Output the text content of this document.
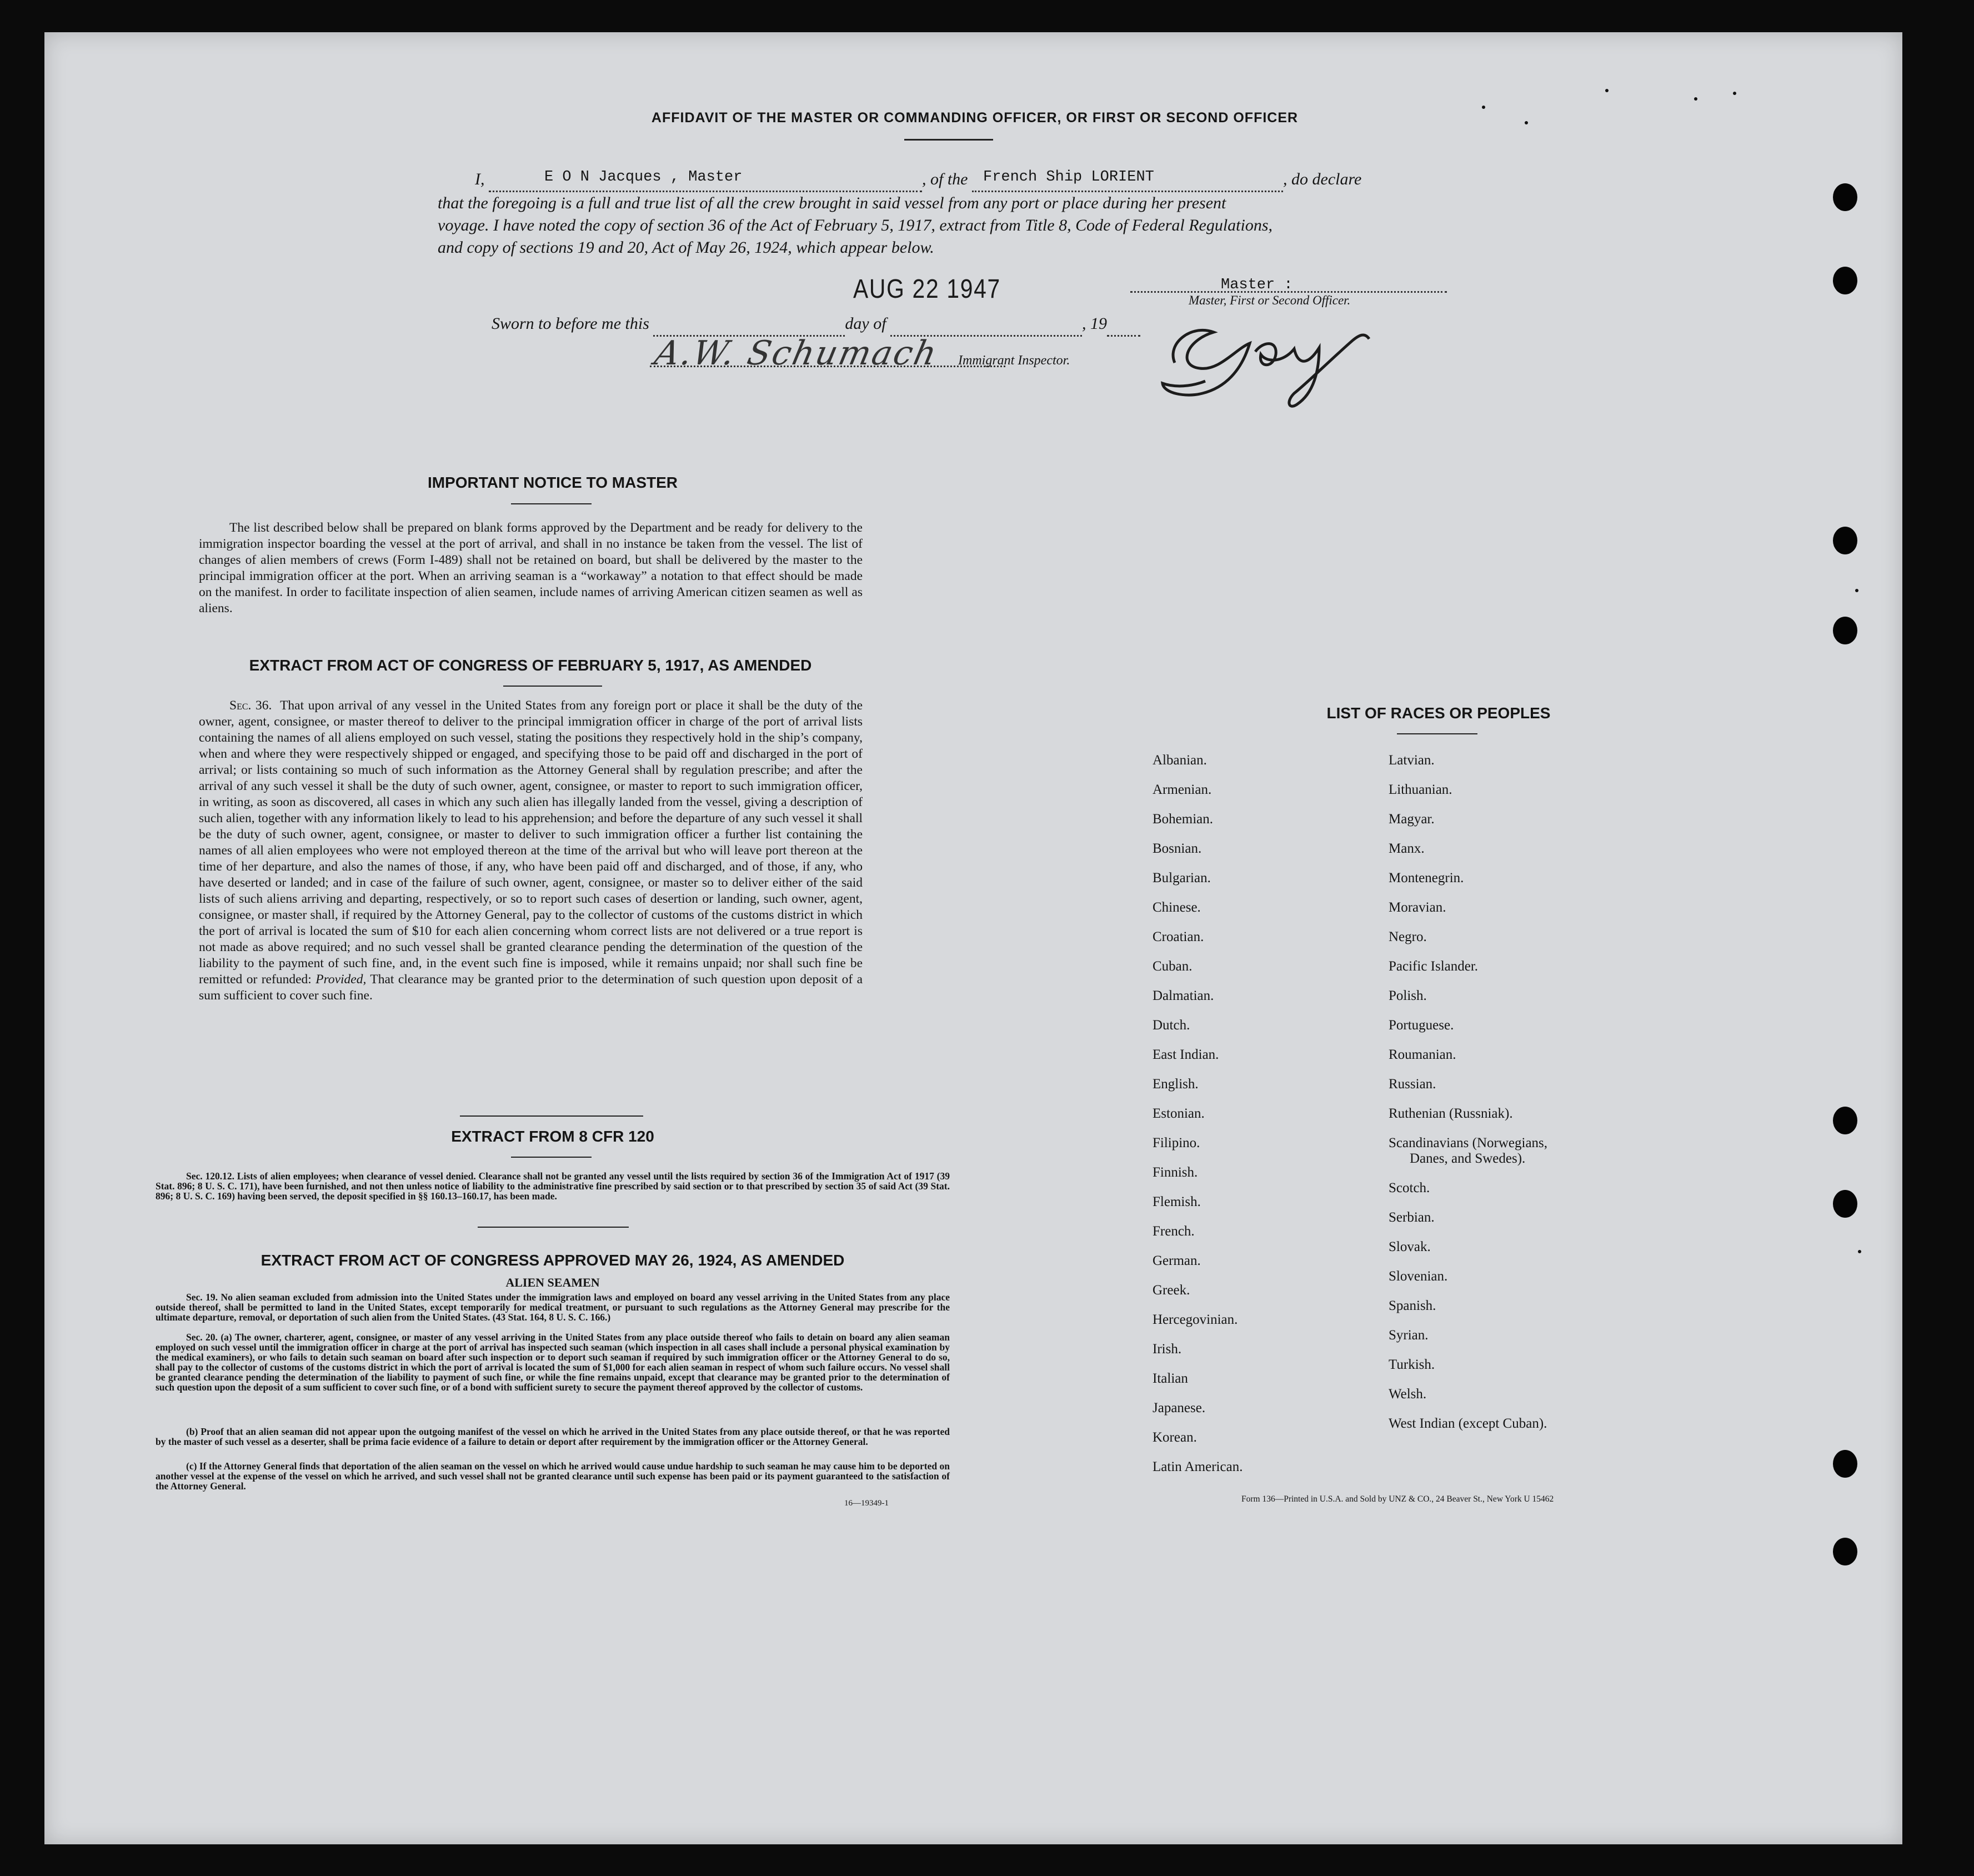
AFFIDAVIT OF THE MASTER OR COMMANDING OFFICER, OR FIRST OR SECOND OFFICER
I,	E O N Jacques , Master	, of the French Ship LORIENT	, do declare
that the foregoing is a full and true list of all the crew brought in said vessel from any port or place during her present
voyage. I have noted the copy of section 36 of the Act of February 5, 1917, extract from Title 8, Code of Federal Regulations,
and copy of sections 19 and 20, Act of May 26, 1924, which appear below.
AUG 22 1947	Master :
Master, First or Second Officer.
Sworn to before me this	day of	, 19
A.W. Schumach Immigrant Inspector.
IMPORTANT NOTICE TO MASTER
The list described below shall be prepared on blank forms approved by the Department and be ready for delivery to the immigration inspector boarding the vessel at the port of arrival, and shall in no instance be taken from the vessel. The list of changes of alien members of crews (Form I-489) shall not be retained on board, but shall be delivered by the master to the principal immigration officer at the port. When an arriving seaman is a “workaway” a notation to that effect should be made on the manifest. In order to facilitate inspection of alien seamen, include names of arriving American citizen seamen as well as aliens.
EXTRACT FROM ACT OF CONGRESS OF FEBRUARY 5, 1917, AS AMENDED
Sec. 36. That upon arrival of any vessel in the United States from any foreign port or place it shall be the duty of the owner, agent, consignee, or master thereof to deliver to the principal immigration officer in charge of the port of arrival lists containing the names of all aliens employed on such vessel, stating the positions they respectively hold in the ship’s company, when and where they were respectively shipped or engaged, and specifying those to be paid off and discharged in the port of arrival; or lists containing so much of such information as the Attorney General shall by regulation prescribe; and after the arrival of any such vessel it shall be the duty of such owner, agent, consignee, or master to report to such immigration officer, in writing, as soon as discovered, all cases in which any such alien has illegally landed from the vessel, giving a description of such alien, together with any information likely to lead to his apprehension; and before the departure of any such vessel it shall be the duty of such owner, agent, consignee, or master to deliver to such immigration officer a further list containing the names of all alien employees who were not employed thereon at the time of the arrival but who will leave port thereon at the time of her departure, and also the names of those, if any, who have been paid off and discharged, and of those, if any, who have deserted or landed; and in case of the failure of such owner, agent, consignee, or master so to deliver either of the said lists of such aliens arriving and departing, respectively, or so to report such cases of desertion or landing, such owner, agent, consignee, or master shall, if required by the Attorney General, pay to the collector of customs of the customs district in which the port of arrival is located the sum of $10 for each alien concerning whom correct lists are not delivered or a true report is not made as above required; and no such vessel shall be granted clearance pending the determination of the question of the liability to the payment of such fine, and, in the event such fine is imposed, while it remains unpaid; nor shall such fine be remitted or refunded: Provided, That clearance may be granted prior to the determination of such question upon deposit of a sum sufficient to cover such fine.
EXTRACT FROM 8 CFR 120
Sec. 120.12. Lists of alien employees; when clearance of vessel denied. Clearance shall not be granted any vessel until the lists required by section 36 of the Immigration Act of 1917 (39 Stat. 896; 8 U. S. C. 171), have been furnished, and not then unless notice of liability to the administrative fine prescribed by said section or to that prescribed by section 35 of said Act (39 Stat. 896; 8 U. S. C. 169) having been served, the deposit specified in §§ 160.13–160.17, has been made.
EXTRACT FROM ACT OF CONGRESS APPROVED MAY 26, 1924, AS AMENDED
ALIEN SEAMEN
Sec. 19. No alien seaman excluded from admission into the United States under the immigration laws and employed on board any vessel arriving in the United States from any place outside thereof, shall be permitted to land in the United States, except temporarily for medical treatment, or pursuant to such regulations as the Attorney General may prescribe for the ultimate departure, removal, or deportation of such alien from the United States. (43 Stat. 164, 8 U. S. C. 166.)
Sec. 20. (a) The owner, charterer, agent, consignee, or master of any vessel arriving in the United States from any place outside thereof who fails to detain on board any alien seaman employed on such vessel until the immigration officer in charge at the port of arrival has inspected such seaman (which inspection in all cases shall include a personal physical examination by the medical examiners), or who fails to detain such seaman on board after such inspection or to deport such seaman if required by such immigration officer or the Attorney General to do so, shall pay to the collector of customs of the customs district in which the port of arrival is located the sum of $1,000 for each alien seaman in respect of whom such failure occurs. No vessel shall be granted clearance pending the determination of the liability to payment of such fine, or while the fine remains unpaid, except that clearance may be granted prior to the determination of such question upon the deposit of a sum sufficient to cover such fine, or of a bond with sufficient surety to secure the payment thereof approved by the collector of customs.
(b) Proof that an alien seaman did not appear upon the outgoing manifest of the vessel on which he arrived in the United States from any place outside thereof, or that he was reported by the master of such vessel as a deserter, shall be prima facie evidence of a failure to detain or deport after requirement by the immigration officer or the Attorney General.
(c) If the Attorney General finds that deportation of the alien seaman on the vessel on which he arrived would cause undue hardship to such seaman he may cause him to be deported on another vessel at the expense of the vessel on which he arrived, and such vessel shall not be granted clearance until such expense has been paid or its payment guaranteed to the satisfaction of the Attorney General.
16—19349-1
LIST OF RACES OR PEOPLES
Form 136—Printed in U.S.A. and Sold by UNZ & CO., 24 Beaver St., New York U 15462
Albanian.
Armenian.
Bohemian.
Bosnian.
Bulgarian.
Chinese.
Croatian.
Cuban.
Dalmatian.
Dutch.
East Indian.
English.
Estonian.
Filipino.
Finnish.
Flemish.
French.
German.
Greek.
Hercegovinian.
Irish.
Italian
Japanese.
Korean.
Latin American.
Latvian.
Lithuanian.
Magyar.
Manx.
Montenegrin.
Moravian.
Negro.
Pacific Islander.
Polish.
Portuguese.
Roumanian.
Russian.
Ruthenian (Russniak).
Scandinavians (Norwegians,
Danes, and Swedes).
Scotch.
Serbian.
Slovak.
Slovenian.
Spanish.
Syrian.
Turkish.
Welsh.
West Indian (except Cuban).
